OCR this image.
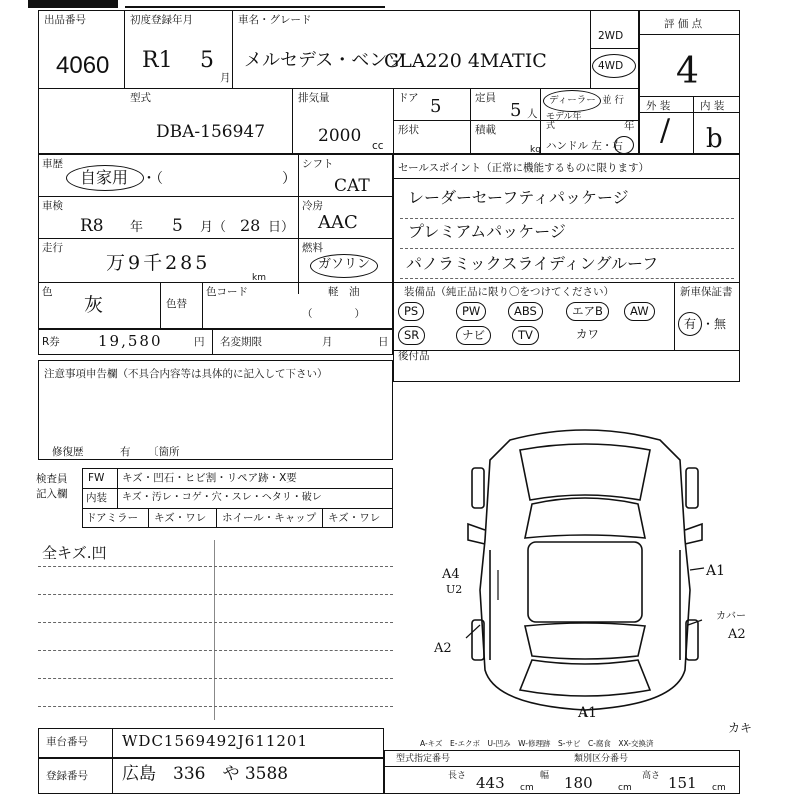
出品番号
4060
初度登録年月
R1 5
月
車名・グレード
メルセデス・ベンツ
GLA220 4MATIC
2WD
4WD
評 価 点
4
外 装	内 装
/ b
型式
DBA-156947
排気量
2000 cc
ドア 5	定員
5 人
ディーラー 並 行
モデル年式	年
形状	積載
kg ハンドル 左・右
車歴
自家用 ・（	）
シフト
CAT
車検
R8 年 5 月（ 28 日）
冷房
AAC
走行
万9千285
km
燃料
ガソリン
色
灰	色替
色コード	軽　油
（　　　　）
R券	19,580	円 名変期限	月	日
セールスポイント（正常に機能するものに限ります）
レーダーセーフティパッケージ
プレミアムパッケージ
パノラミックスライディングルーフ
装備品（純正品に限り〇をつけてください）	新車保証書
PS	PW	ABS	エアB	AW
SR	ナビ	TV	カワ
有 ・ 無
後付品
注意事項申告欄（不具合内容等は具体的に記入して下さい）
修復歴	有 〔箇所
検査員記入欄
FW キズ・凹石・ヒビ割・リペア跡・X要
内装 キズ・汚レ・コゲ・穴・スレ・ヘタリ・破レ
ドアミラー キズ・ワレ ホイール・キャップ キズ・ワレ
全キズ.凹
A1
A4
U2
カバー
A2
A2
A1
A-キズ　E-エクボ　U-凹み　W-修理跡　S-サビ　C-腐食　XX-交換済
カキ
車台番号 WDC1569492J611201
登録番号 広島　336　や 3588
型式指定番号	類別区分番号
長さ 443 cm
幅 180	cm
高さ 151 cm
